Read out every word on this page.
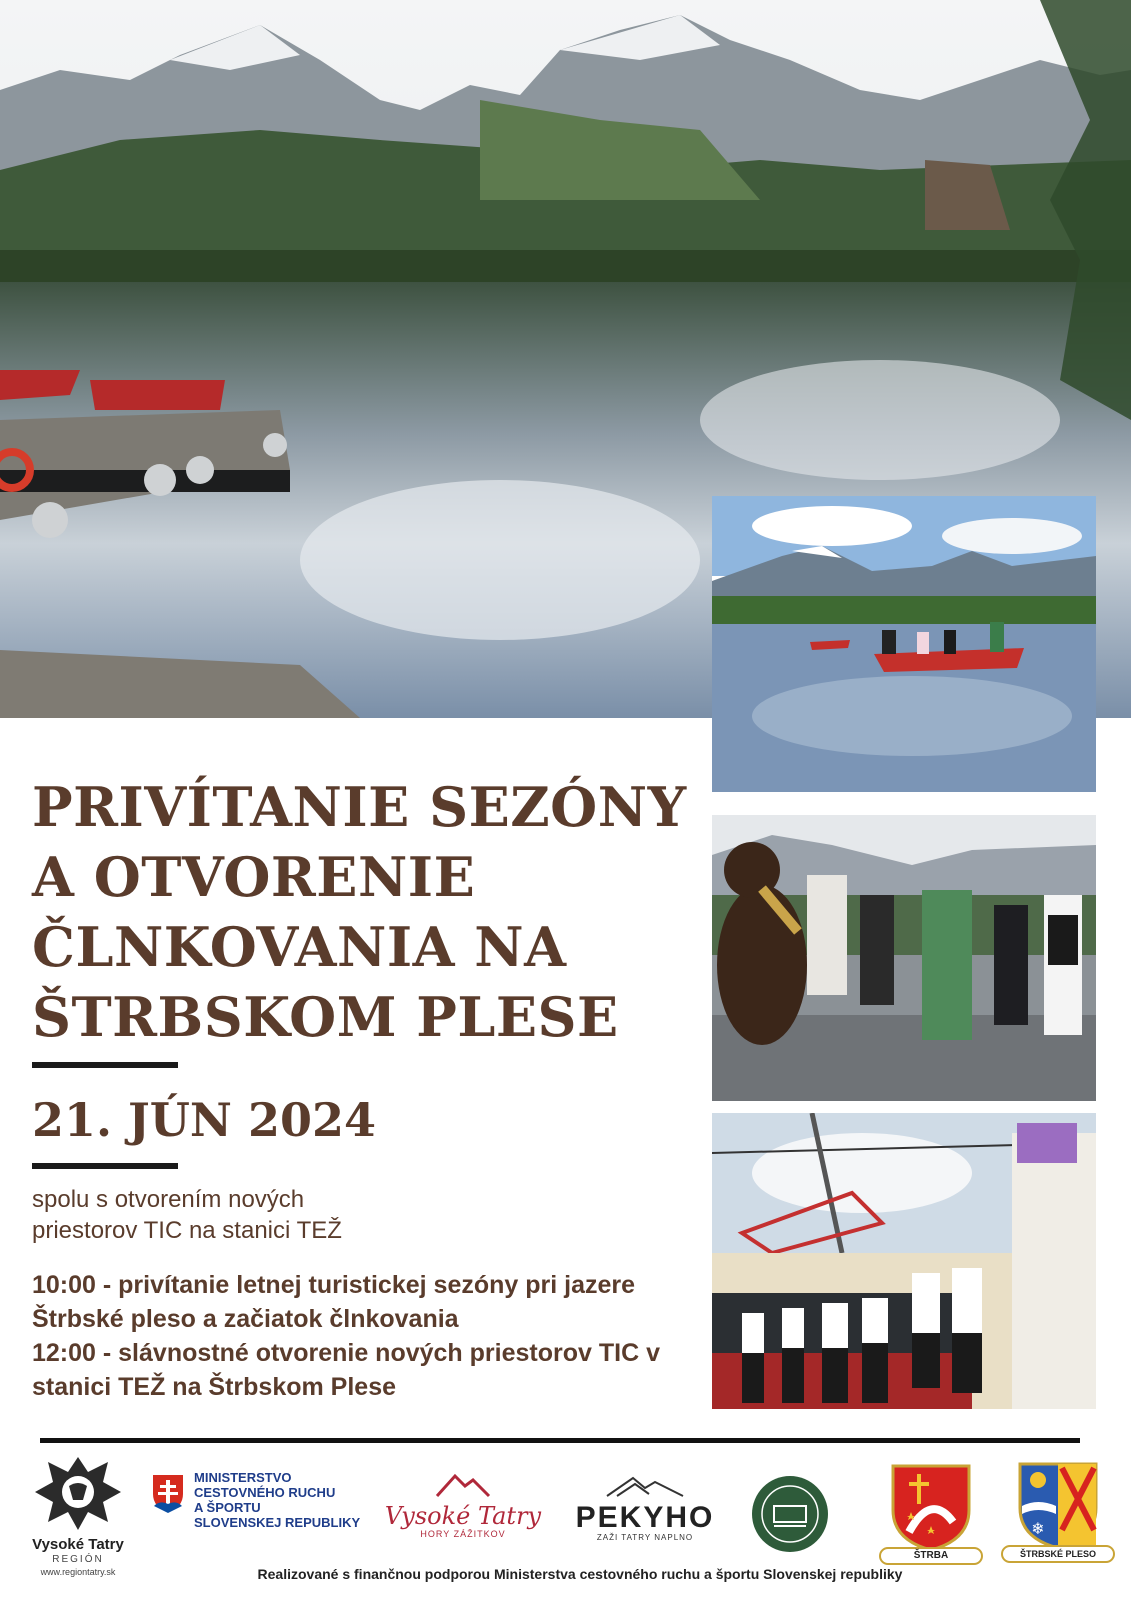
PRIVÍTANIE SEZÓNY
A OTVORENIE
ČLNKOVANIA NA
ŠTRBSKOM PLESE
21. JÚN 2024
spolu s otvorením nových
priestorov TIC na stanici TEŽ
10:00 - privítanie letnej turistickej sezóny pri jazere
Štrbské pleso a začiatok člnkovania
12:00 - slávnostné otvorenie nových priestorov TIC v
stanici TEŽ na Štrbskom Plese
Vysoké Tatry
REGIÓN
www.regiontatry.sk
MINISTERSTVO
CESTOVNÉHO RUCHU
A ŠPORTU
SLOVENSKEJ REPUBLIKY Vysoké Tatry
HORY ZÁŽITKOV	PEKYHO
ZAŽI TATRY NAPLNO
ŠTRBA
❄
ŠTRBSKÉ PLESO
Realizované s finančnou podporou Ministerstva cestovného ruchu a športu Slovenskej republiky
